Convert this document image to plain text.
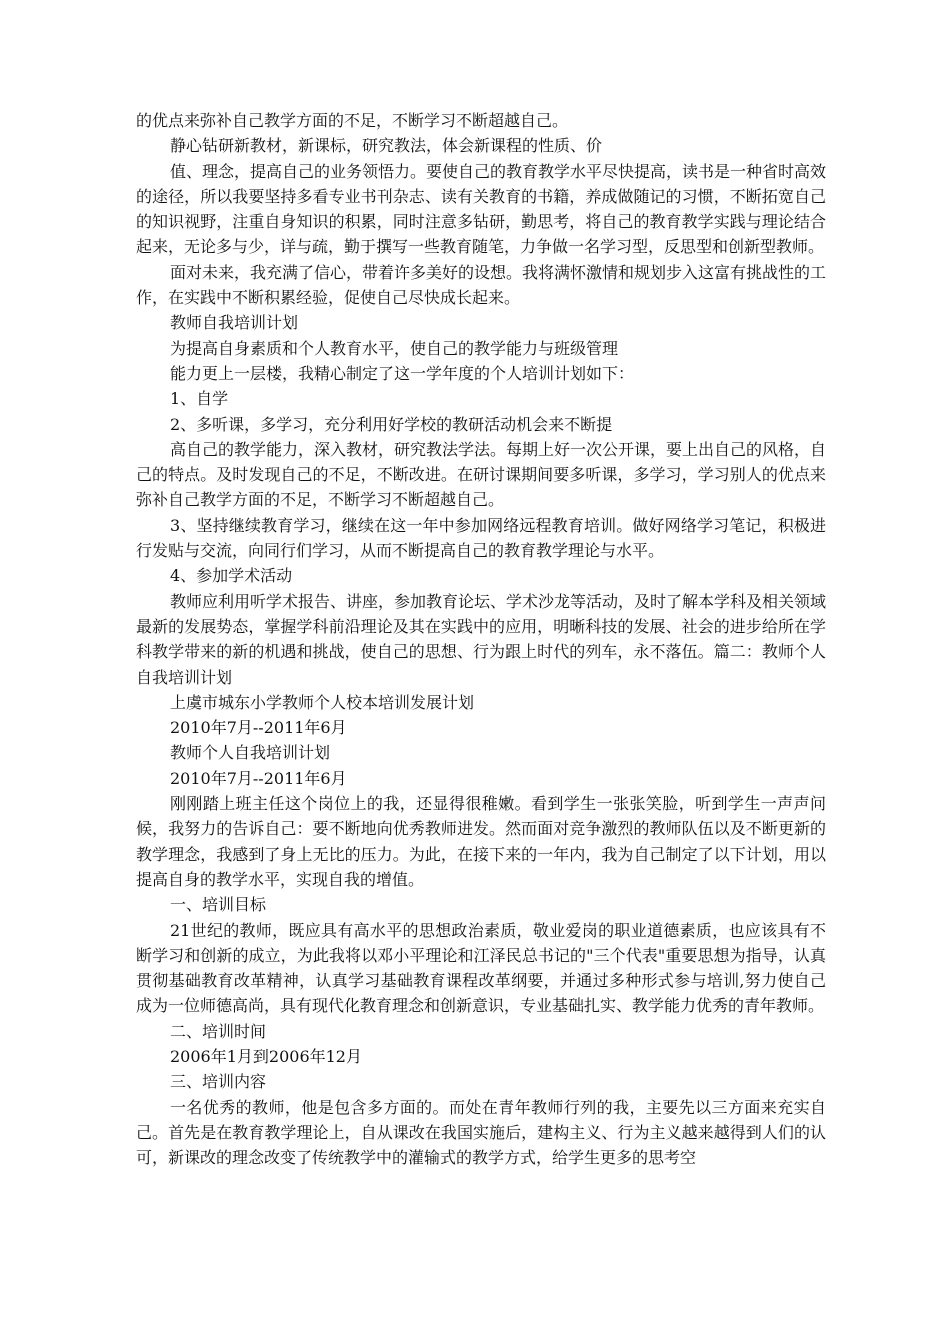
的优点来弥补自己教学方面的不足，不断学习不断超越自己。

静心钻研新教材，新课标，研究教法，体会新课程的性质、价

值、理念，提高自己的业务领悟力。要使自己的教育教学水平尽快提高，读书是一种省时高效的途径，所以我要坚持多看专业书刊杂志、读有关教育的书籍，养成做随记的习惯，不断拓宽自己的知识视野，注重自身知识的积累，同时注意多钻研，勤思考，将自己的教育教学实践与理论结合起来，无论多与少，详与疏，勤于撰写一些教育随笔，力争做一名学习型，反思型和创新型教师。

面对未来，我充满了信心，带着许多美好的设想。我将满怀激情和规划步入这富有挑战性的工作，在实践中不断积累经验，促使自己尽快成长起来。

教师自我培训计划

为提高自身素质和个人教育水平，使自己的教学能力与班级管理

能力更上一层楼，我精心制定了这一学年度的个人培训计划如下：

1、自学

2、多听课，多学习，充分利用好学校的教研活动机会来不断提

高自己的教学能力，深入教材，研究教法学法。每期上好一次公开课，要上出自己的风格，自己的特点。及时发现自己的不足，不断改进。在研讨课期间要多听课，多学习，学习别人的优点来弥补自己教学方面的不足，不断学习不断超越自己。

3、坚持继续教育学习，继续在这一年中参加网络远程教育培训。做好网络学习笔记，积极进行发贴与交流，向同行们学习，从而不断提高自己的教育教学理论与水平。

4、参加学术活动

教师应利用听学术报告、讲座，参加教育论坛、学术沙龙等活动，及时了解本学科及相关领域最新的发展势态，掌握学科前沿理论及其在实践中的应用，明晰科技的发展、社会的进步给所在学科教学带来的新的机遇和挑战，使自己的思想、行为跟上时代的列车，永不落伍。篇二：教师个人自我培训计划

上虞市城东小学教师个人校本培训发展计划

2010年7月--2011年6月

教师个人自我培训计划

2010年7月--2011年6月

刚刚踏上班主任这个岗位上的我，还显得很稚嫩。看到学生一张张笑脸，听到学生一声声问候，我努力的告诉自己：要不断地向优秀教师进发。然而面对竞争激烈的教师队伍以及不断更新的教学理念，我感到了身上无比的压力。为此，在接下来的一年内，我为自己制定了以下计划，用以提高自身的教学水平，实现自我的增值。

一、培训目标

21世纪的教师，既应具有高水平的思想政治素质，敬业爱岗的职业道德素质，也应该具有不断学习和创新的成立，为此我将以邓小平理论和江泽民总书记的"三个代表"重要思想为指导，认真贯彻基础教育改革精神，认真学习基础教育课程改革纲要，并通过多种形式参与培训,努力使自己成为一位师德高尚，具有现代化教育理念和创新意识，专业基础扎实、教学能力优秀的青年教师。

二、培训时间

2006年1月到2006年12月

三、培训内容

一名优秀的教师，他是包含多方面的。而处在青年教师行列的我，主要先以三方面来充实自己。首先是在教育教学理论上，自从课改在我国实施后，建构主义、行为主义越来越得到人们的认可，新课改的理念改变了传统教学中的灌输式的教学方式，给学生更多的思考空
